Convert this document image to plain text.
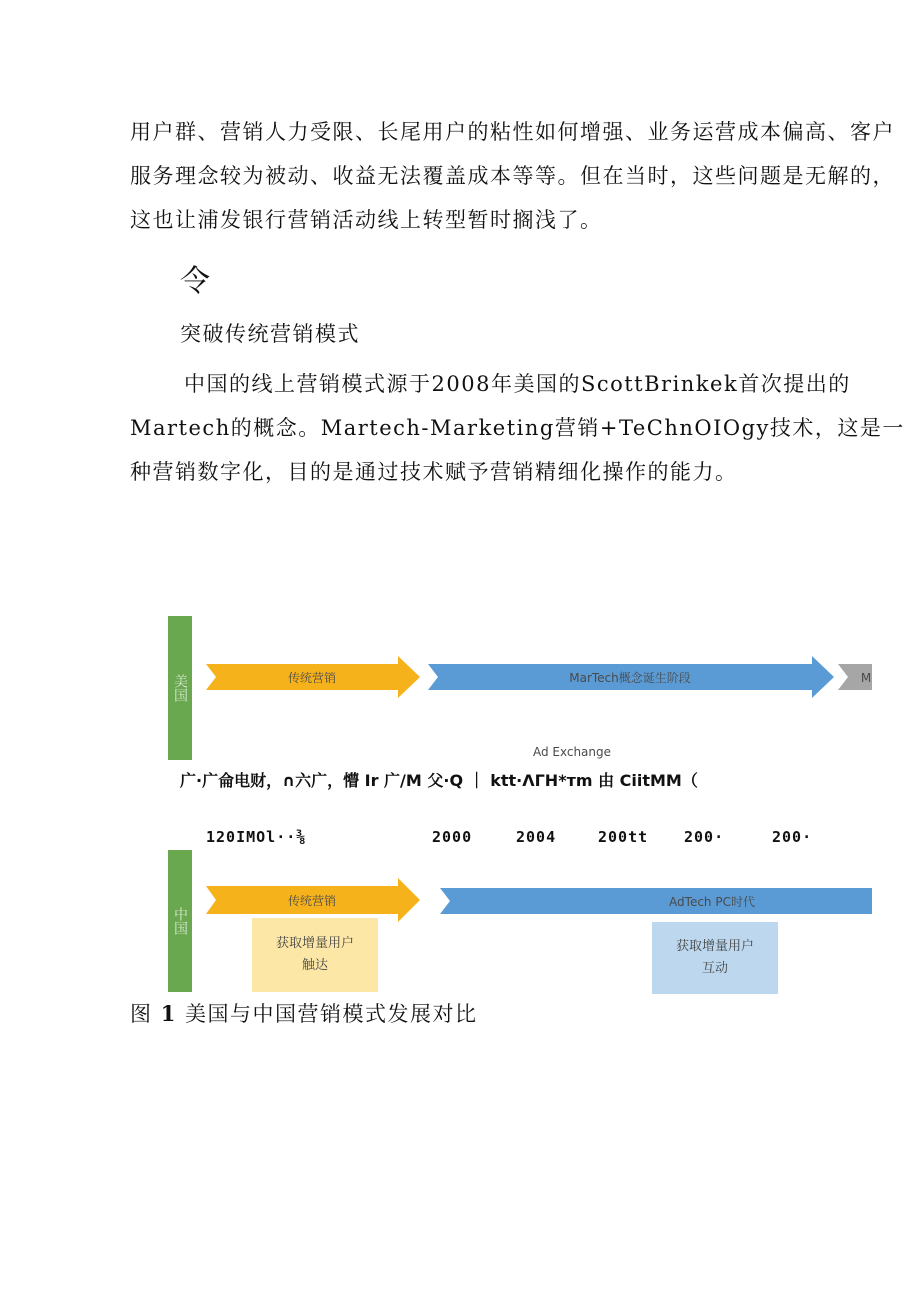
用户群、营销人力受限、长尾用户的粘性如何增强、业务运营成本偏高、客户服务理念较为被动、收益无法覆盖成本等等。但在当时，这些问题是无解的，这也让浦发银行营销活动线上转型暂时搁浅了。

令

突破传统营销模式

中国的线上营销模式源于2008年美国的ScottBrinkek首次提出的Martech的概念。Martech-Marketing营销+TeChnOIOgy技术，这是一种营销数字化，目的是通过技术赋予营销精细化操作的能力。

美国	传统营销	MarTech概念诞生阶段	M
Ad Exchange
传统营销	AdTech PC时代
广·广侖电财，∩六广，懵 Ir 广/M 父·Q ｜ ktt·ΛΓH*тm 由 CiitMM（
120IMOl··⅜	2000	2004	200tt 200·	200·
中国
获取增量用户
触达
获取增量用户
互动

图 1 美国与中国营销模式发展对比
